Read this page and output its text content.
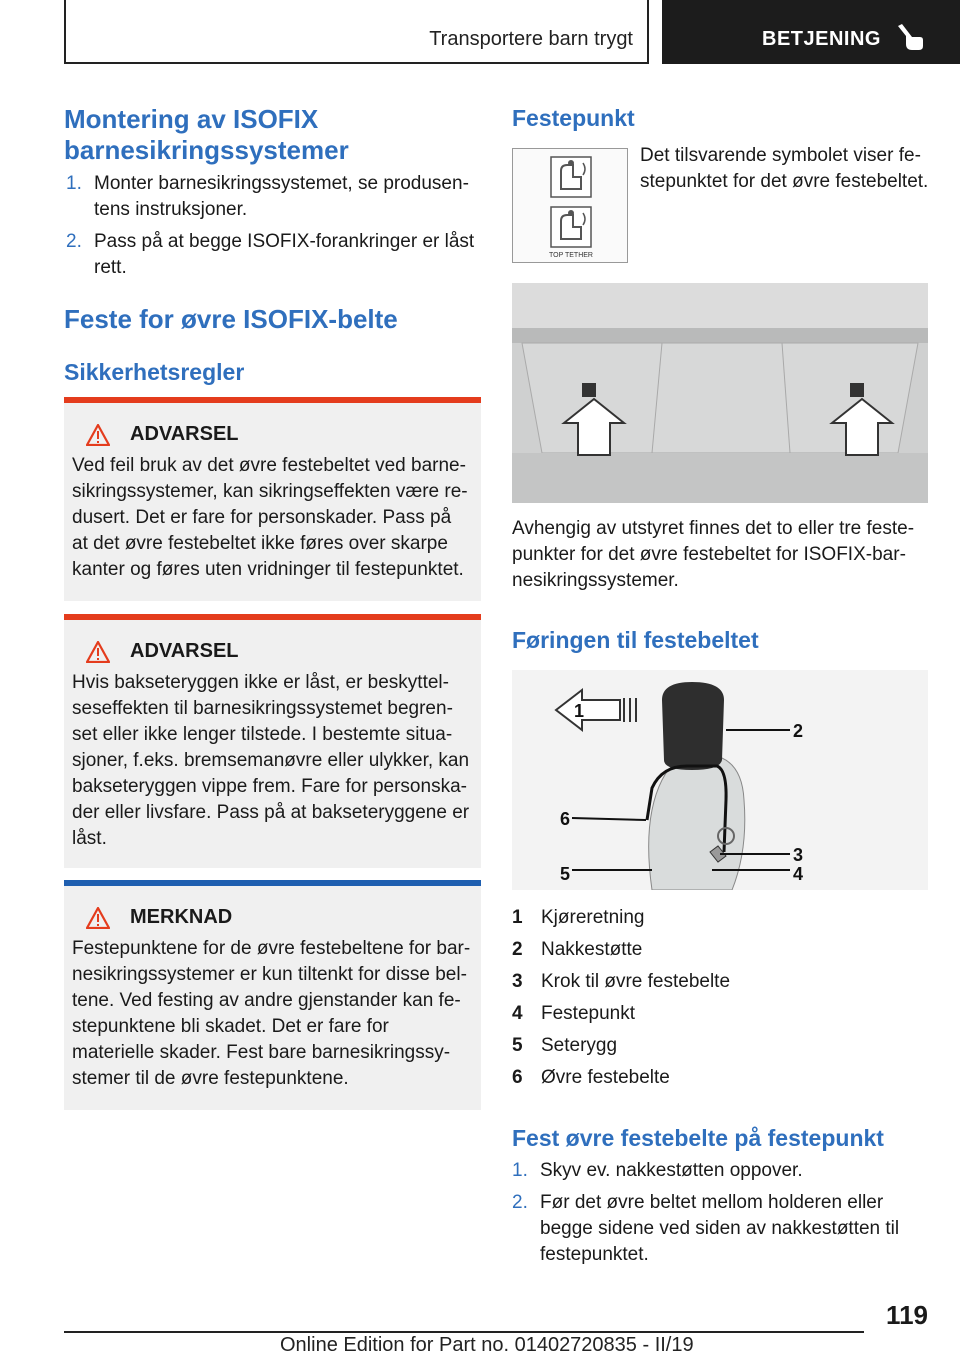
Transportere barn trygt	BETJENING
Montering av ISOFIX barnesikringssystemer
1. Monter barnesikringssystemet, se produsentens instruksjoner.
2. Pass på at begge ISOFIX-forankringer er låst rett.
Feste for øvre ISOFIX-belte
Sikkerhetsregler
ADVARSEL
Ved feil bruk av det øvre festebeltet ved barnesikringssystemer, kan sikringseffekten være redusert. Det er fare for personskader. Pass på at det øvre festebeltet ikke føres over skarpe kanter og føres uten vridninger til festepunktet.
ADVARSEL
Hvis bakseteryggen ikke er låst, er beskyttelseseffekten til barnesikringssystemet begrenset eller ikke lenger tilstede. I bestemte situasjoner, f.eks. bremsemanøvre eller ulykker, kan bakseteryggen vippe frem. Fare for personskader eller livsfare. Pass på at bakseteryggene er låst.
MERKNAD
Festepunktene for de øvre festebeltene for barnesikringssystemer er kun tiltenkt for disse beltene. Ved festing av andre gjenstander kan festepunktene bli skadet. Det er fare for materielle skader. Fest bare barnesikringssystemer til de øvre festepunktene.
Festepunkt
TOP TETHER
Det tilsvarende symbolet viser festepunktet for det øvre festebeltet.
Avhengig av utstyret finnes det to eller tre festepunkter for det øvre festebeltet for ISOFIX-barnesikringssystemer.
Føringen til festebeltet
1
2
3
4
5
6
1 Kjøreretning
2 Nakkestøtte
3 Krok til øvre festebelte
4 Festepunkt
5 Seterygg
6 Øvre festebelte
Fest øvre festebelte på festepunkt
1. Skyv ev. nakkestøtten oppover.
2. Før det øvre beltet mellom holderen eller begge sidene ved siden av nakkestøtten til festepunktet.
119
Online Edition for Part no. 01402720835 - II/19
